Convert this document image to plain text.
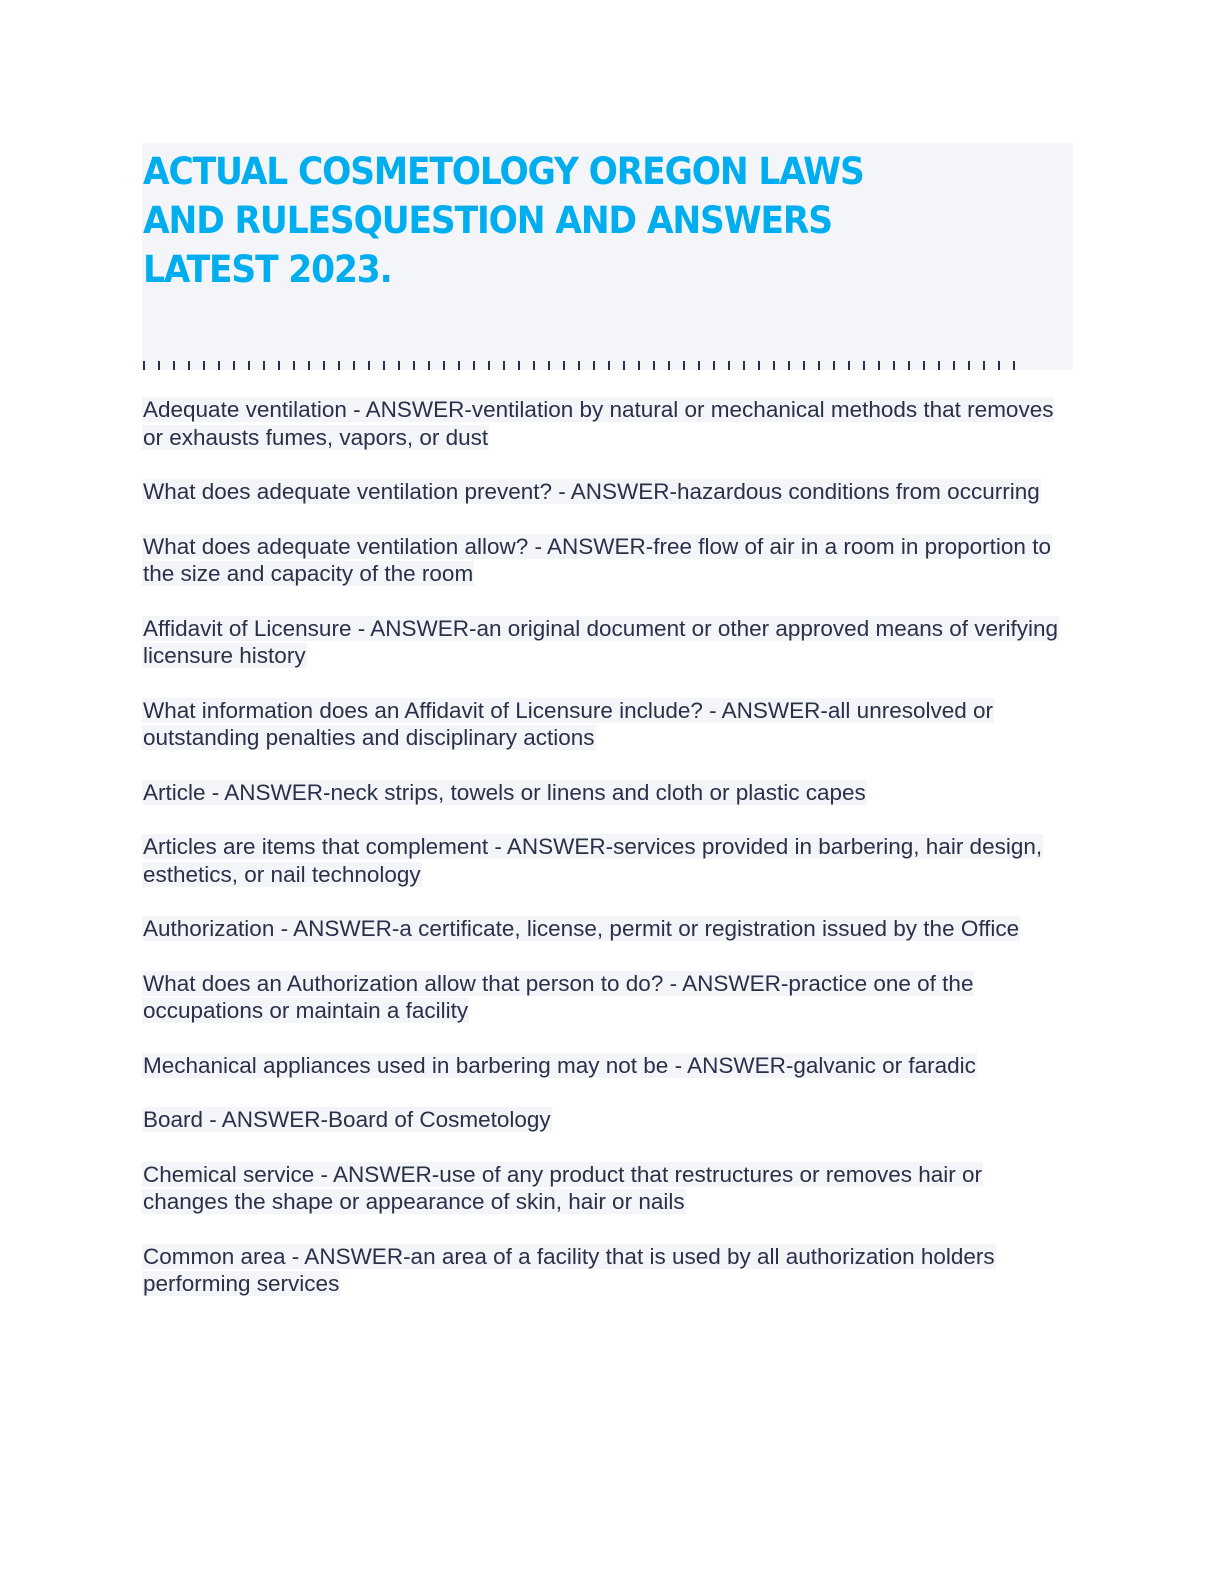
ACTUAL COSMETOLOGY OREGON LAWS
AND RULESQUESTION AND ANSWERS
LATEST 2023.

Adequate ventilation - ANSWER-ventilation by natural or mechanical methods that removes or exhausts fumes, vapors, or dust

What does adequate ventilation prevent? - ANSWER-hazardous conditions from occurring

What does adequate ventilation allow? - ANSWER-free flow of air in a room in proportion to the size and capacity of the room

Affidavit of Licensure - ANSWER-an original document or other approved means of verifying licensure history

What information does an Affidavit of Licensure include? - ANSWER-all unresolved or outstanding penalties and disciplinary actions

Article - ANSWER-neck strips, towels or linens and cloth or plastic capes

Articles are items that complement - ANSWER-services provided in barbering, hair design, esthetics, or nail technology

Authorization - ANSWER-a certificate, license, permit or registration issued by the Office

What does an Authorization allow that person to do? - ANSWER-practice one of the occupations or maintain a facility

Mechanical appliances used in barbering may not be - ANSWER-galvanic or faradic

Board - ANSWER-Board of Cosmetology

Chemical service - ANSWER-use of any product that restructures or removes hair or changes the shape or appearance of skin, hair or nails

Common area - ANSWER-an area of a facility that is used by all authorization holders performing services
